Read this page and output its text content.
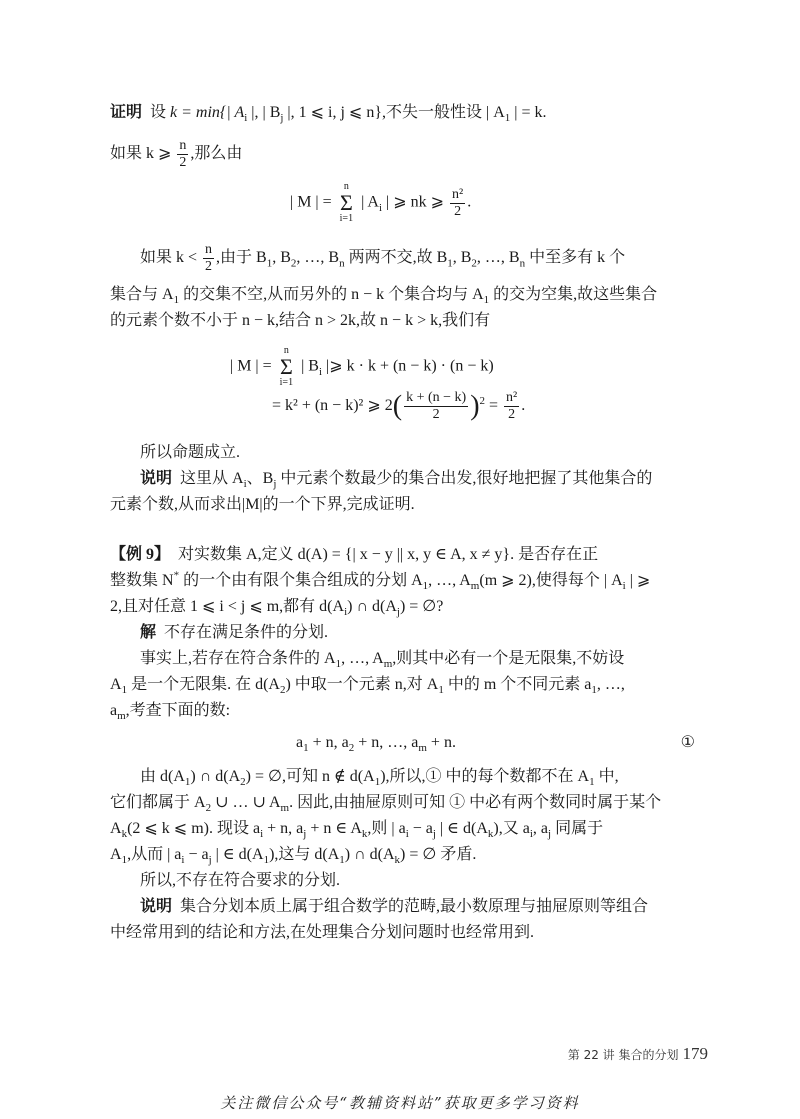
证明 设 k = min{| $A_i$ |, | $B_j$ |, 1 ⩽ i, j ⩽ n},不失一般性设 | $A_1$ | = k.
如果 k ⩾ $\frac{n}{2}$ ,那么由
| M | = n
Σ
i=1 | $A_i$ | ⩾ nk ⩾ $\frac{\text{n²}}{2}$ .
如果 $k < \frac{n}{2}$ ,由于 $B_1$, $B_2$, …, $B_n$ 两两不交,故 $B_1$, $B_2$, …, $B_n$ 中至多有 k 个
集合与 $A_1$ 的交集不空,从而另外的 n − k 个集合均与 $A_1$ 的交为空集,故这些集合
的元素个数不小于 n − k,结合 n > 2k,故 n − k > k,我们有
| M | = n
Σ
i=1 | $B_i$ |⩾ k · k + (n − k) · (n − k)
= k² + (n − k)² ⩾ $2( \frac{k + (n - k)}{2} )^2 = \frac{\text{n²}}{2}$ .
所以命题成立.
说明 这里从 $A_i$、$B_j$ 中元素个数最少的集合出发,很好地把握了其他集合的
元素个数,从而求出|M|的一个下界,完成证明.
【例 9】 对实数集 A,定义 d(A) = {| x − y || x, y ∈ A, x ≠ y}. 是否存在正
整数集 N* 的一个由有限个集合组成的分划 $A_1$, …, $A_m(m$ ⩾ 2),使得每个 | $A_i$ | ⩾
2,且对任意 1 ⩽ i < j ⩽ m,都有 $d(A_i)$ ∩ $d(A_j)$ = ∅?
解 不存在满足条件的分划.
事实上,若存在符合条件的 $A_1$, …, $A_m$,则其中必有一个是无限集,不妨设
$A_1$ 是一个无限集. 在 $d(A_2)$ 中取一个元素 n,对 $A_1$ 中的 m 个不同元素 $a_1$, …,
$a_m$,考查下面的数:
$a_1 + n$, $a_2 + n$, …, $a_m + n$.	①
由 $d(A_1)$ ∩ $d(A_2)$ = ∅,可知 n ∉ $d(A_1)$,所以,① 中的每个数都不在 $A_1$ 中,
它们都属于 $A_2$ ∪ … ∪ $A_m$. 因此,由抽屉原则可知 ① 中必有两个数同时属于某个
$A_k(2$ ⩽ k ⩽ m). 现设 $a_i + n$, $a_j + n$ ∈ $A_k$,则 | $a_i - a_j$ | ∈ $d(A_k)$,又 $a_i$, $a_j$ 同属于
$A_1$,从而 | $a_i - a_j$ | ∈ $d(A_1)$,这与 $d(A_1)$ ∩ $d(A_k)$ = ∅ 矛盾.
所以,不存在符合要求的分划.
说明 集合分划本质上属于组合数学的范畴,最小数原理与抽屉原则等组合
中经常用到的结论和方法,在处理集合分划问题时也经常用到.
第 22 讲 集合的分划 179
关注微信公众号“教辅资料站”获取更多学习资料
